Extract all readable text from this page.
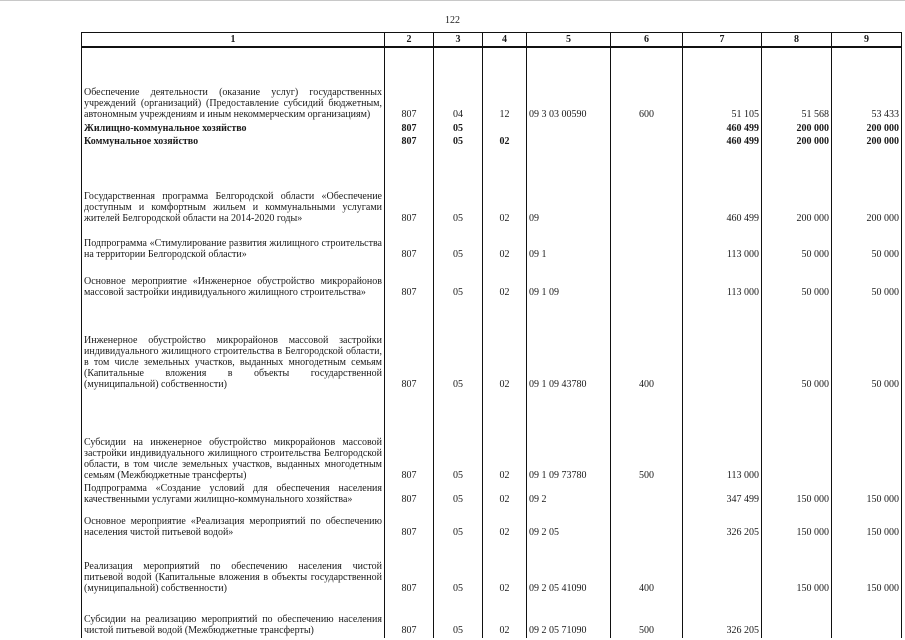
122
1	2	3	4	5	6	7	8	9
Обеспечение деятельности (оказание услуг) государственных учреждений (организаций) (Предоставление субсидий бюджетным, автономным учреждениям и иным некоммерческим организациям)	807	04	12	09 3 03 00590	600	51 105	51 568	53 433
Жилищно-коммунальное хозяйство	807	05				460 499	200 000	200 000
Коммунальное хозяйство	807	05	02			460 499	200 000	200 000
Государственная программа Белгородской области «Обеспечение доступным и комфортным жильем и коммунальными услугами жителей Белгородской области на 2014-2020 годы»	807	05	02	09		460 499	200 000	200 000
Подпрограмма «Стимулирование развития жилищного строительства на территории Белгородской области»	807	05	02	09 1		113 000	50 000	50 000
Основное мероприятие «Инженерное обустройство микрорайонов массовой застройки индивидуального жилищного строительства»	807	05	02	09 1 09		113 000	50 000	50 000
Инженерное обустройство микрорайонов массовой застройки индивидуального жилищного строительства в Белгородской области, в том числе земельных участков, выданных многодетным семьям (Капитальные вложения в объекты государственной (муниципальной) собственности)	807	05	02	09 1 09 43780	400		50 000	50 000
Субсидии на инженерное обустройство микрорайонов массовой застройки индивидуального жилищного строительства Белгородской области, в том числе земельных участков, выданных многодетным семьям (Межбюджетные трансферты)	807	05	02	09 1 09 73780	500	113 000		
Подпрограмма «Создание условий для обеспечения населения качественными услугами жилищно-коммунального хозяйства»	807	05	02	09 2		347 499	150 000	150 000
Основное мероприятие «Реализация мероприятий по обеспечению населения чистой питьевой водой»	807	05	02	09 2 05		326 205	150 000	150 000
Реализация мероприятий по обеспечению населения чистой питьевой водой (Капитальные вложения в объекты государственной (муниципальной) собственности)	807	05	02	09 2 05 41090	400		150 000	150 000
Субсидии на реализацию мероприятий по обеспечению населения чистой питьевой водой (Межбюджетные трансферты)	807	05	02	09 2 05 71090	500	326 205		
